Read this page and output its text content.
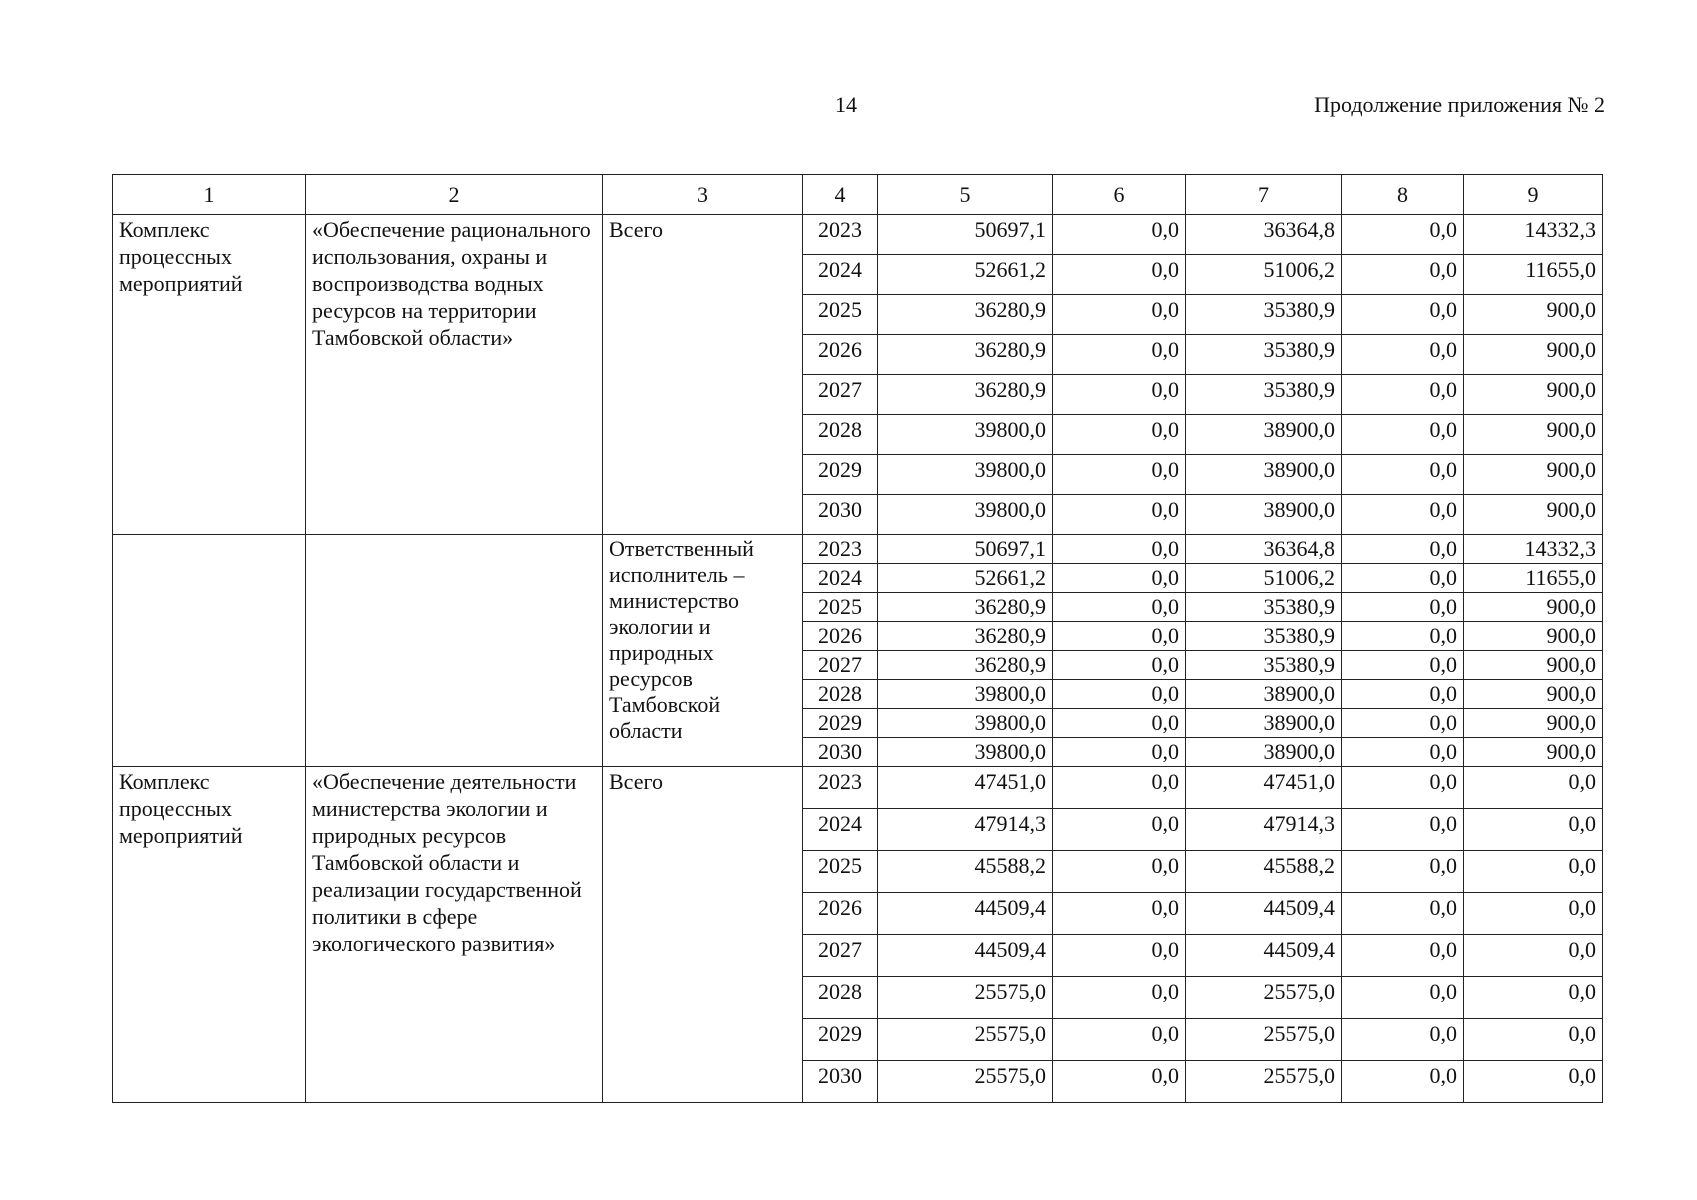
14	Продолжение приложения № 2
1	2	3	4	5	6	7	8	9
Комплекс процесcных мероприятий	«Обеспечение рационального использования, охраны и воспроизводства водных ресурсов на территории Тамбовской области»	Всего	2023	50697,1	0,0	36364,8	0,0	14332,3
			2024	52661,2	0,0	51006,2	0,0	11655,0
			2025	36280,9	0,0	35380,9	0,0	900,0
			2026	36280,9	0,0	35380,9	0,0	900,0
			2027	36280,9	0,0	35380,9	0,0	900,0
			2028	39800,0	0,0	38900,0	0,0	900,0
			2029	39800,0	0,0	38900,0	0,0	900,0
			2030	39800,0	0,0	38900,0	0,0	900,0
		Ответственный исполнитель – министерство экологии и природных ресурсов Тамбовской области	2023	50697,1	0,0	36364,8	0,0	14332,3
			2024	52661,2	0,0	51006,2	0,0	11655,0
			2025	36280,9	0,0	35380,9	0,0	900,0
			2026	36280,9	0,0	35380,9	0,0	900,0
			2027	36280,9	0,0	35380,9	0,0	900,0
			2028	39800,0	0,0	38900,0	0,0	900,0
			2029	39800,0	0,0	38900,0	0,0	900,0
			2030	39800,0	0,0	38900,0	0,0	900,0
Комплекс процессных мероприятий	«Обеспечение деятельности министерства экологии и природных ресурсов Тамбовской области и реализации государственной политики в сфере экологического развития»	Всего	2023	47451,0	0,0	47451,0	0,0	0,0
			2024	47914,3	0,0	47914,3	0,0	0,0
			2025	45588,2	0,0	45588,2	0,0	0,0
			2026	44509,4	0,0	44509,4	0,0	0,0
			2027	44509,4	0,0	44509,4	0,0	0,0
			2028	25575,0	0,0	25575,0	0,0	0,0
			2029	25575,0	0,0	25575,0	0,0	0,0
			2030	25575,0	0,0	25575,0	0,0	0,0
